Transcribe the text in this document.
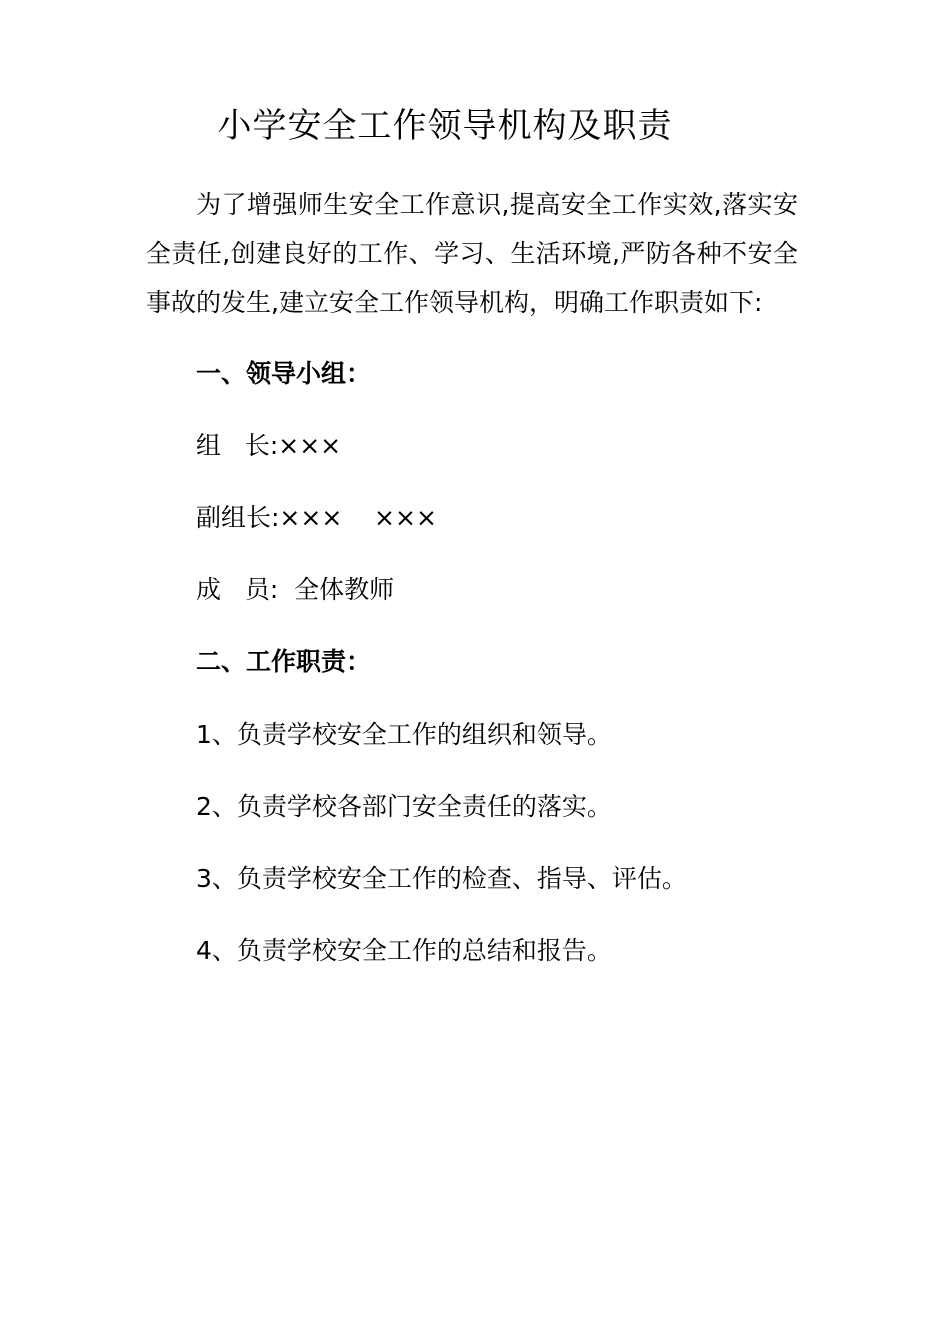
小学安全工作领导机构及职责

为了增强师生安全工作意识,提高安全工作实效,落实安全责任,创建良好的工作、学习、生活环境,严防各种不安全事故的发生,建立安全工作领导机构，明确工作职责如下:

一、领导小组：

组   长:×××

副组长:×××    ×××

成   员:  全体教师

二、工作职责：

1、负责学校安全工作的组织和领导。

2、负责学校各部门安全责任的落实。

3、负责学校安全工作的检查、指导、评估。

4、负责学校安全工作的总结和报告。
